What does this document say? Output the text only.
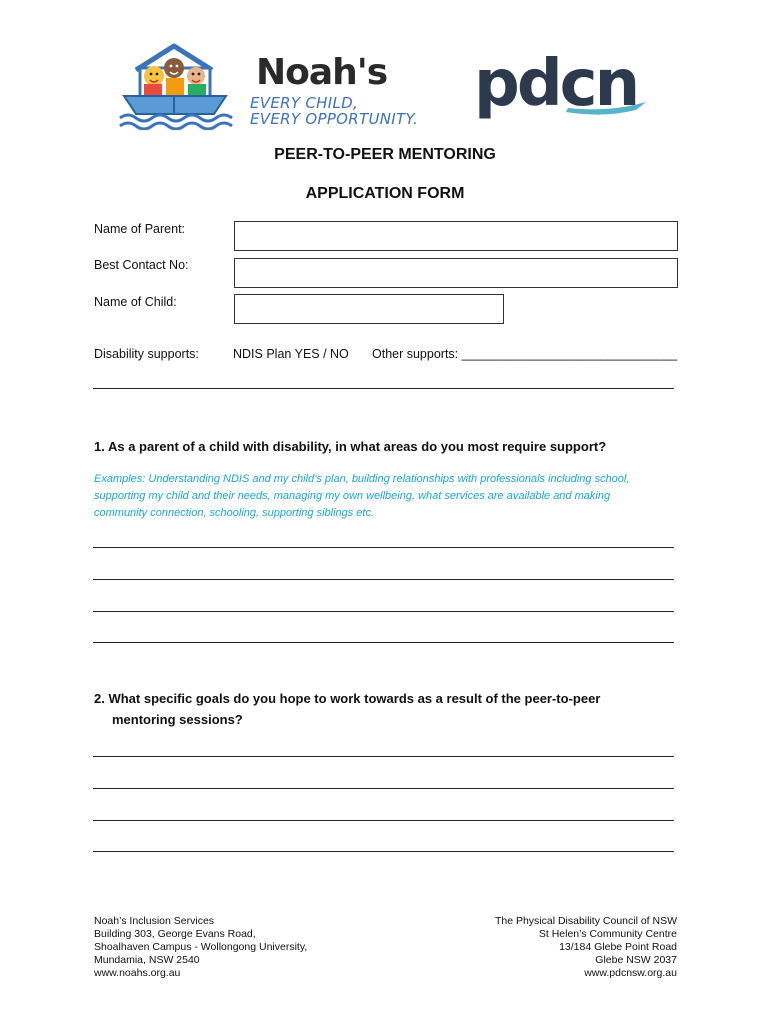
Noah's
EVERY CHILD,
EVERY OPPORTUNITY. pdcn
PEER-TO-PEER MENTORING
APPLICATION FORM
Name of Parent:
Best Contact No:
Name of Child:
Disability supports:	NDIS Plan YES / NO Other supports: _______________________________
1. As a parent of a child with disability, in what areas do you most require support?
Examples: Understanding NDIS and my child’s plan, building relationships with professionals including school,
supporting my child and their needs, managing my own wellbeing, what services are available and making
community connection, schooling, supporting siblings etc.
2. What specific goals do you hope to work towards as a result of the peer-to-peer
mentoring sessions?
Noah’s Inclusion Services
Building 303, George Evans Road,
Shoalhaven Campus - Wollongong University,
Mundamia, NSW 2540
www.noahs.org.au
The Physical Disability Council of NSW
St Helen’s Community Centre
13/184 Glebe Point Road
Glebe NSW 2037
www.pdcnsw.org.au
